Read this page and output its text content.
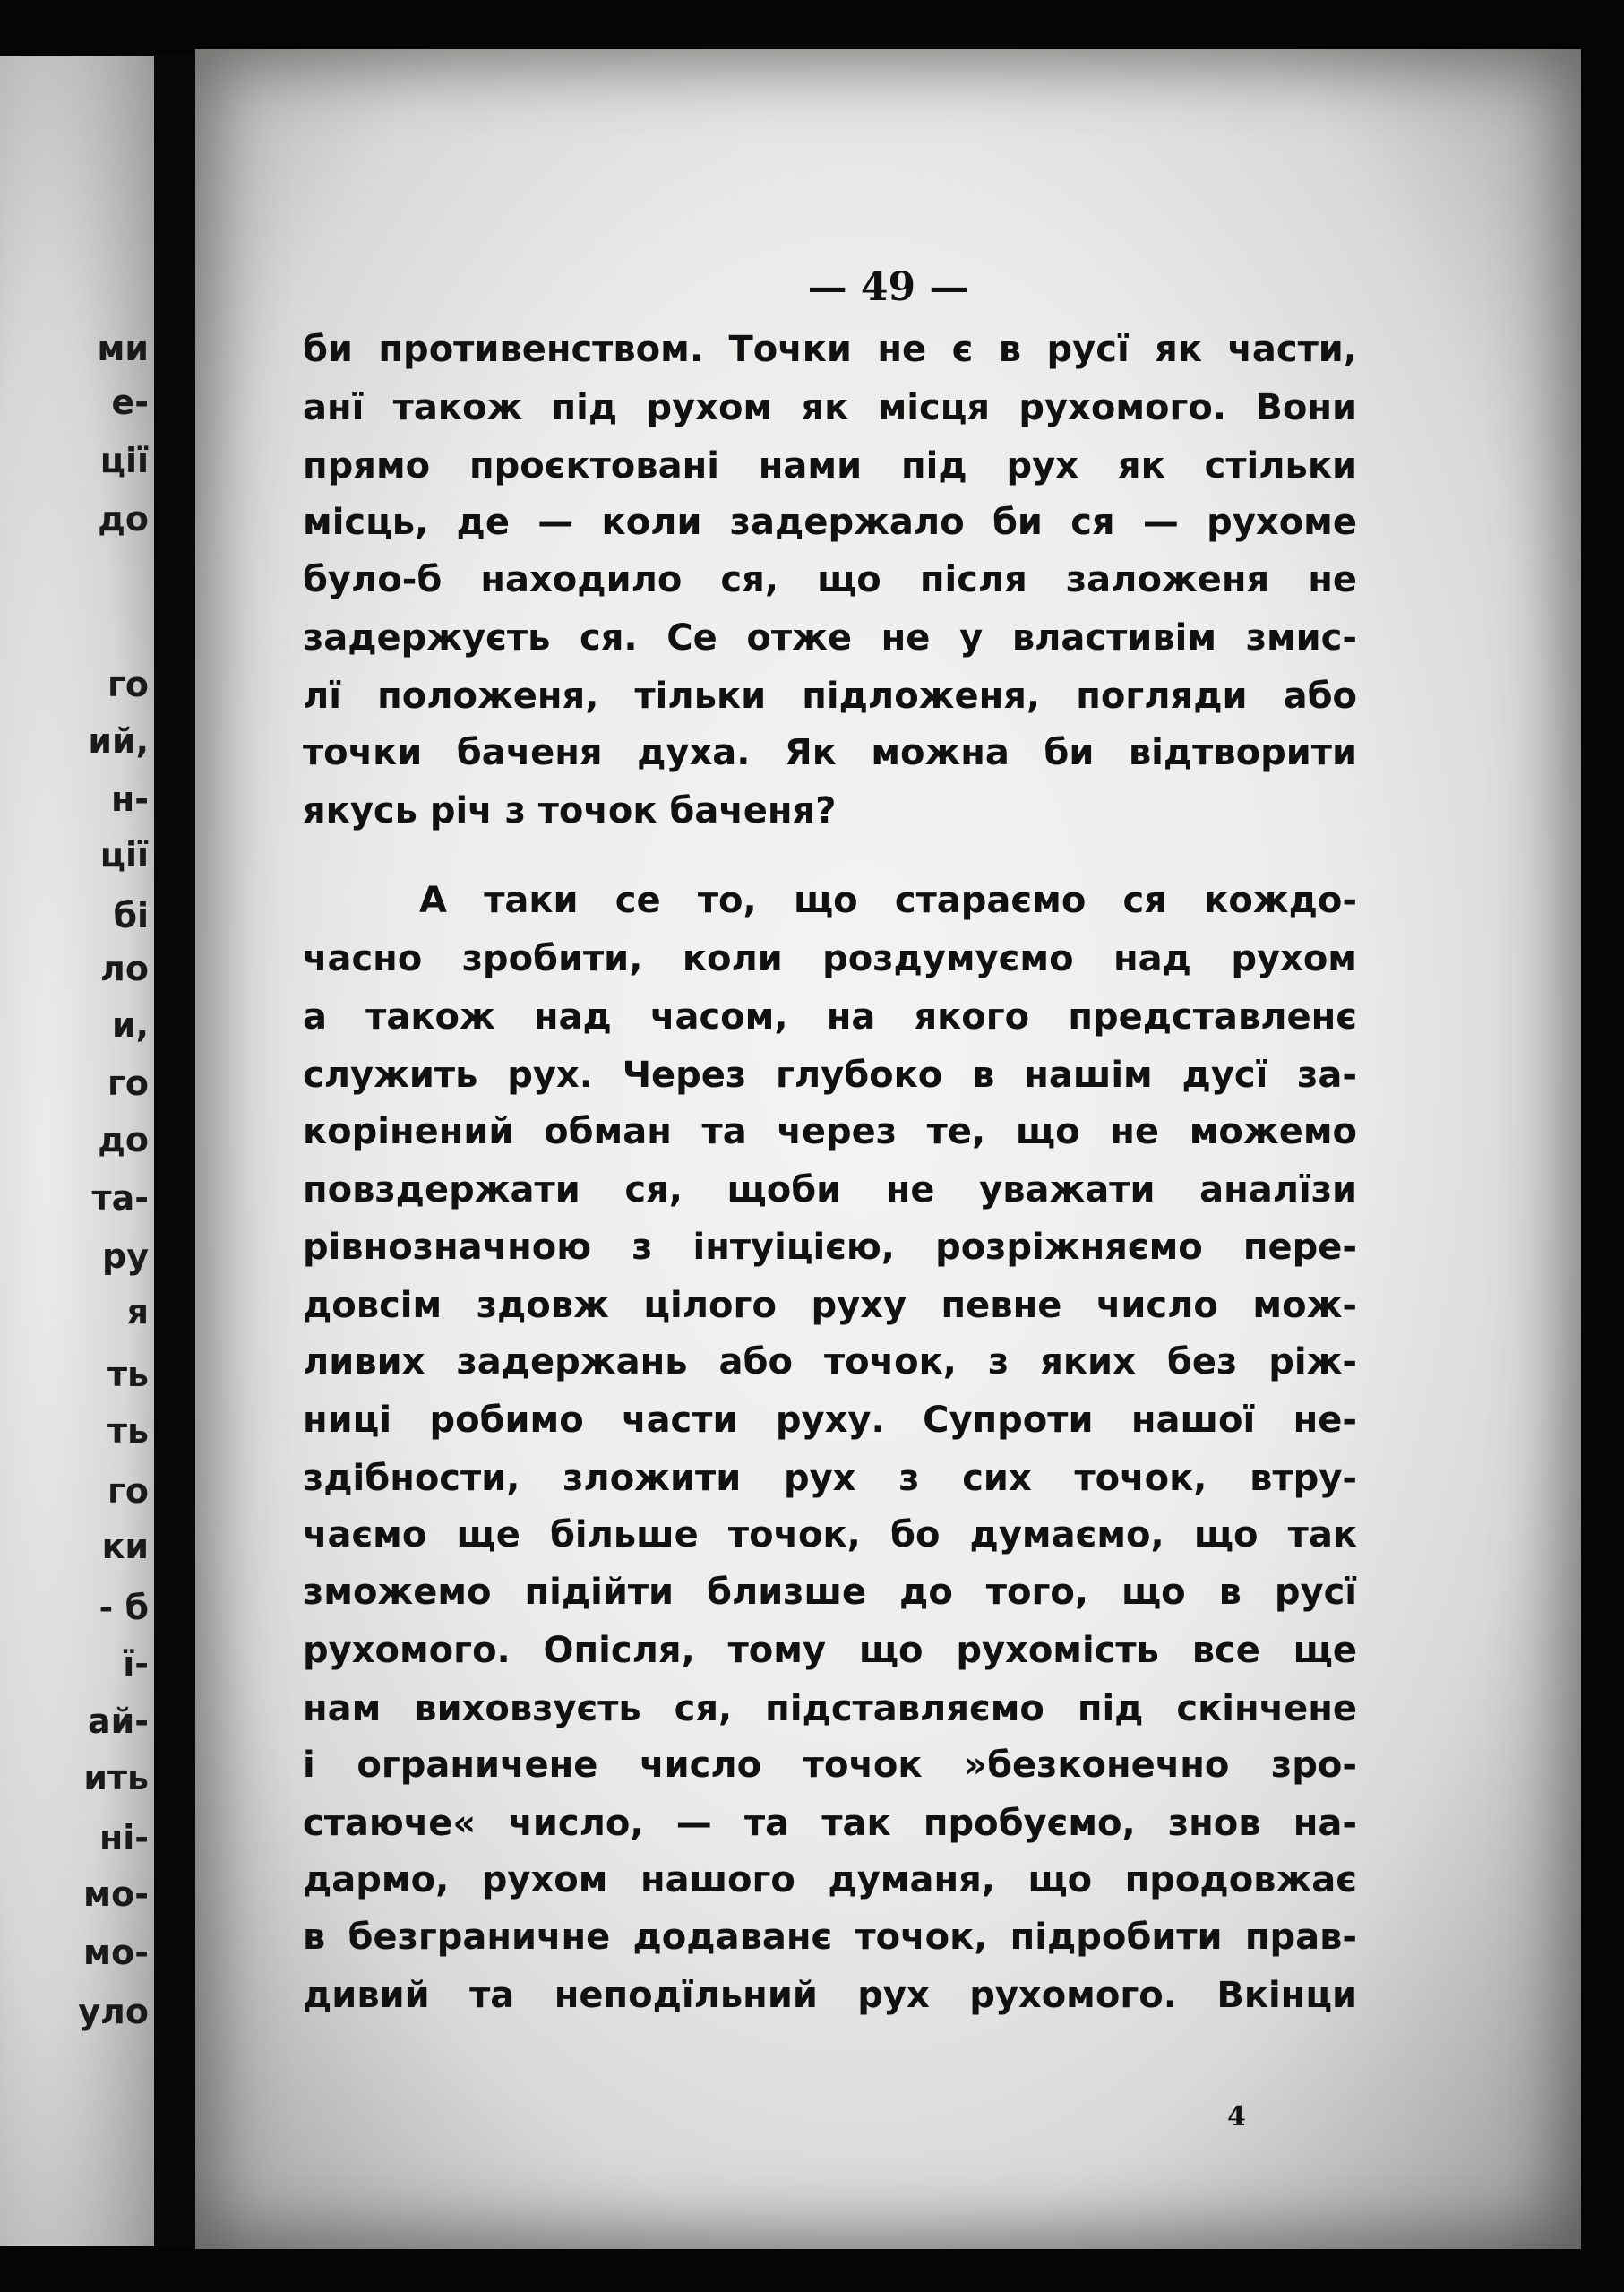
ми
е-
ції
до
го
ий,
н-
ції
бі
ло
и,
го
до
та-
ру
я
ть
ть
го
ки
- б
ї-
ай-
ить
ні-
мо-
мо-
уло

— 49 —

би противенством. Точки не є в русї як части,

анї також під рухом як місця рухомого. Вони

прямо проєктовані нами під рух як стільки

місць, де — коли задержало би ся — рухоме

було-б находило ся, що після заложеня не

задержуєть ся. Се отже не у властивім змис-

лї положеня, тільки підложеня, погляди або

точки баченя духа. Як можна би відтворити

якусь річ з точок баченя?

А таки се то, що стараємо ся кождо-

часно зробити, коли роздумуємо над рухом

а також над часом, на якого представленє

служить рух. Через глубоко в нашім дусї за-

корінений обман та через те, що не можемо

повздержати ся, щоби не уважати аналїзи

рівнозначною з інтуіцією, розріжняємо пере-

довсім здовж цілого руху певне число мож-

ливих задержань або точок, з яких без ріж-

ниці робимо части руху. Супроти нашої не-

здібности, зложити рух з сих точок, втру-

чаємо ще більше точок, бо думаємо, що так

зможемо підійти близше до того, що в русї

рухомого. Опісля, тому що рухомість все ще

нам виховзуєть ся, підставляємо під скінчене

і ограничене число точок »безконечно зро-

стаюче« число, — та так пробуємо, знов на-

дармо, рухом нашого думаня, що продовжає

в безграничне додаванє точок, підробити прав-

дивий та неподїльний рух рухомого. Вкінци

4
